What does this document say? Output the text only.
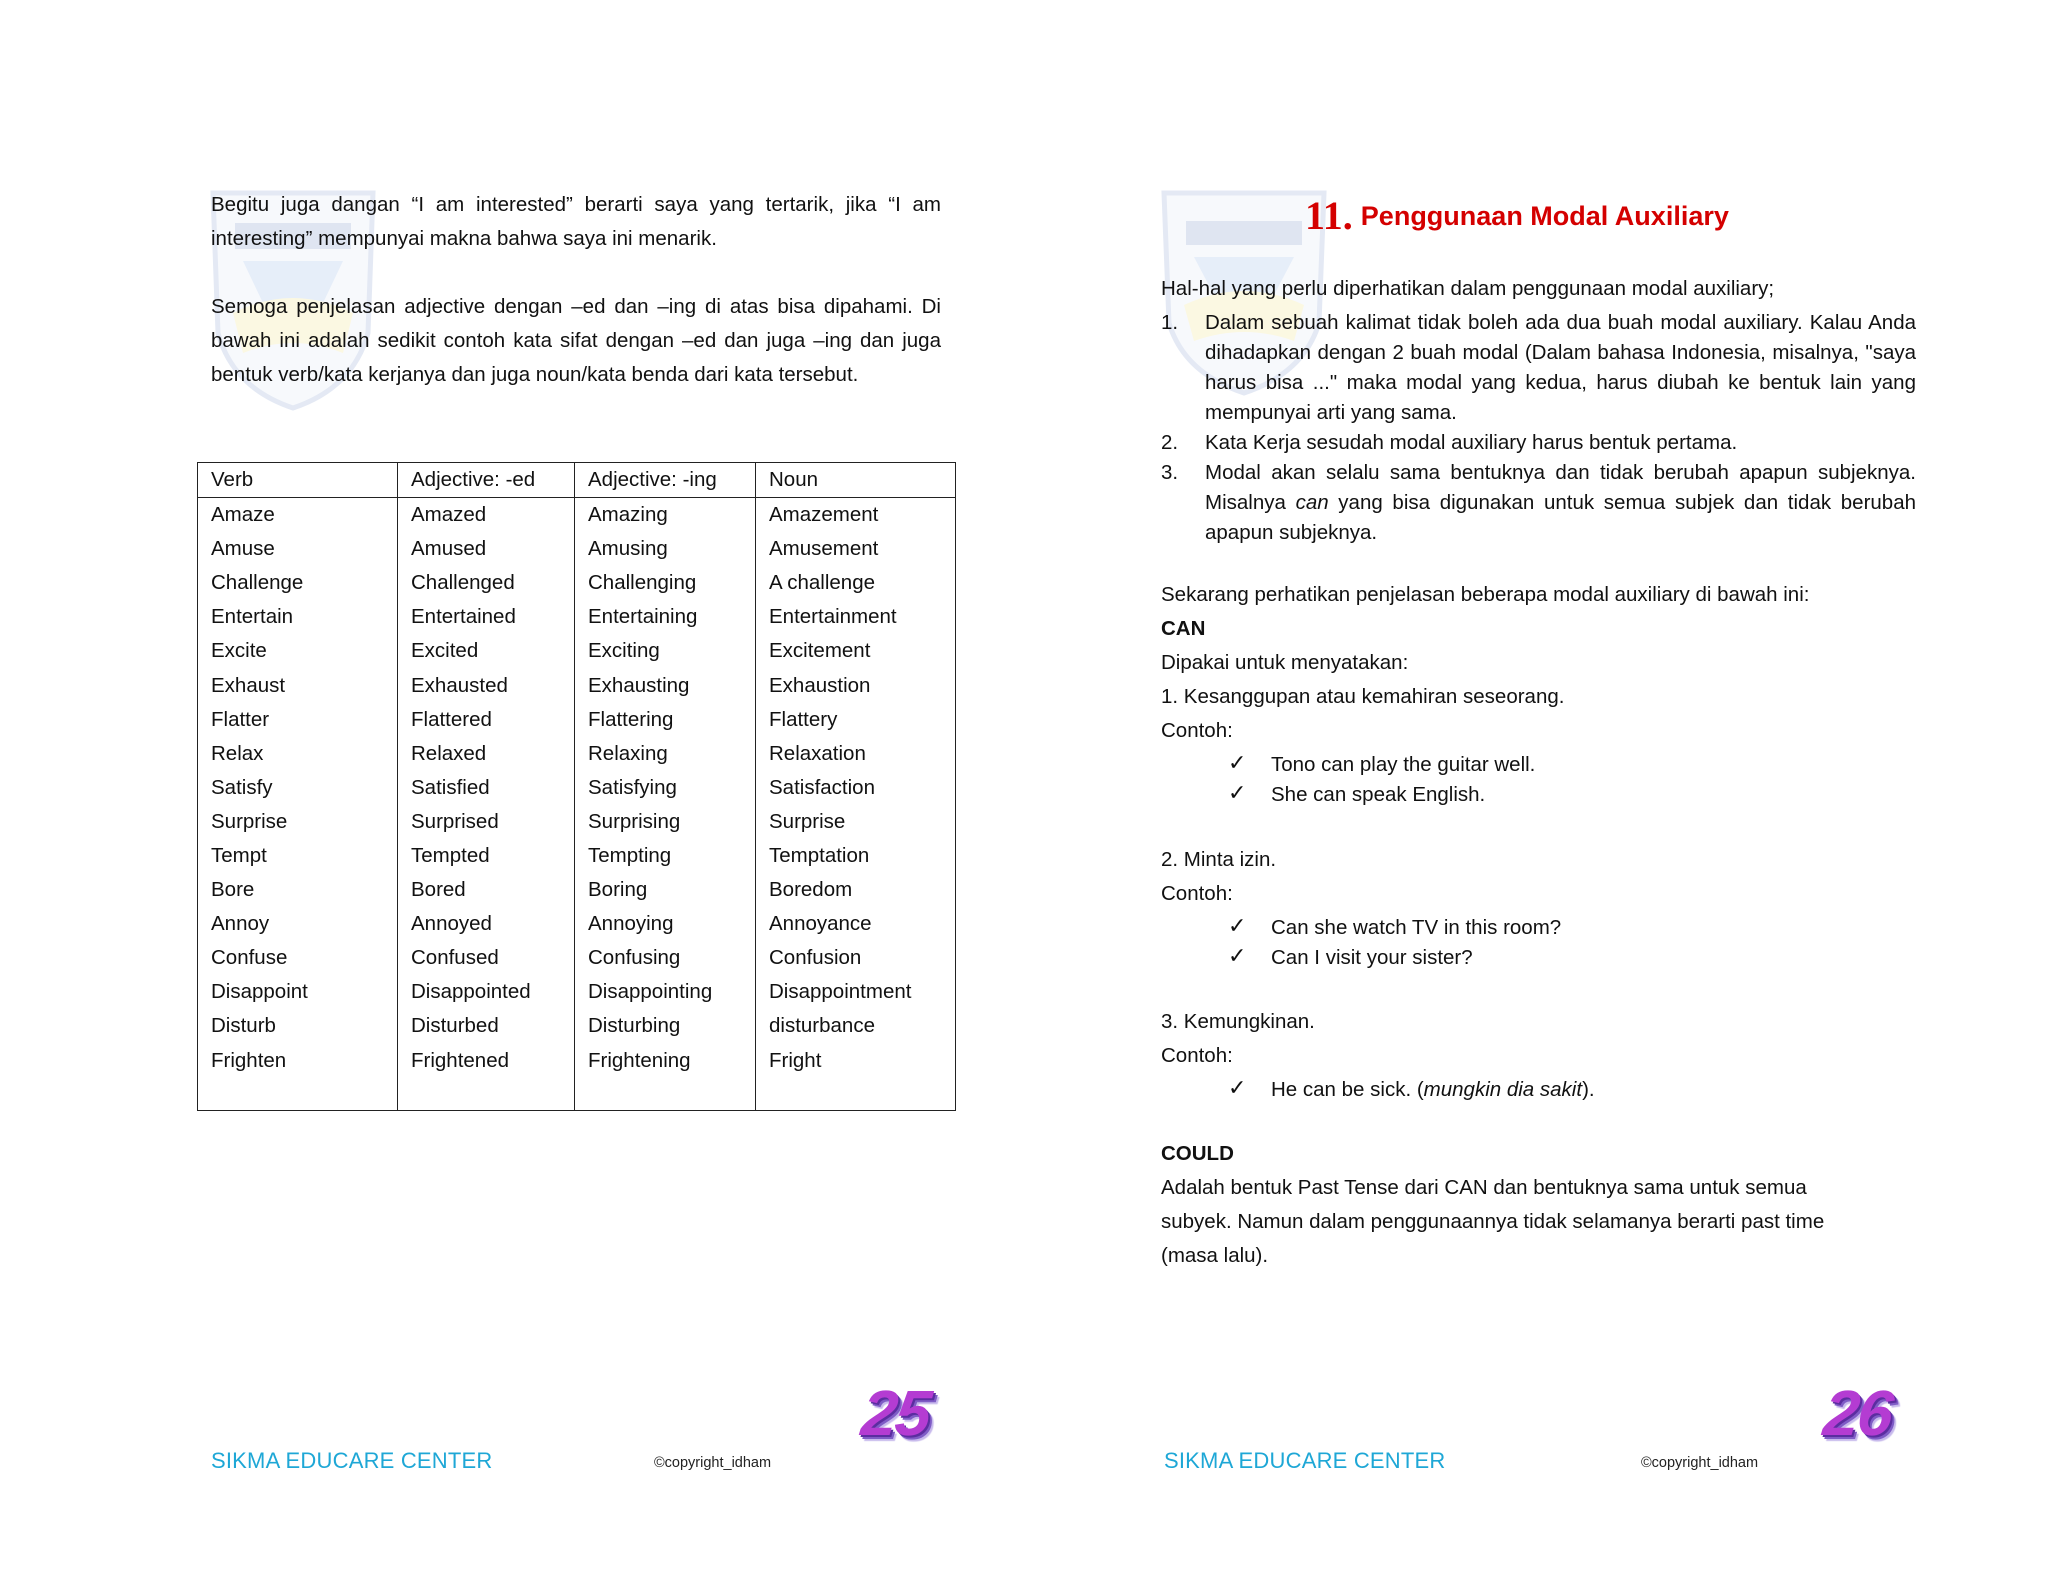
Begitu juga dangan “I am interested” berarti saya yang tertarik, jika “I am interesting” mempunyai makna bahwa saya ini menarik.

Semoga penjelasan adjective dengan –ed dan –ing di atas bisa dipahami. Di bawah ini adalah sedikit contoh kata sifat dengan –ed dan juga –ing dan juga bentuk verb/kata kerjanya dan juga noun/kata benda dari kata tersebut.

Verb	Adjective: -ed	Adjective: -ing	Noun
Amaze	Amazed	Amazing	Amazement
Amuse	Amused	Amusing	Amusement
Challenge	Challenged	Challenging	A challenge
Entertain	Entertained	Entertaining	Entertainment
Excite	Excited	Exciting	Excitement
Exhaust	Exhausted	Exhausting	Exhaustion
Flatter	Flattered	Flattering	Flattery
Relax	Relaxed	Relaxing	Relaxation
Satisfy	Satisfied	Satisfying	Satisfaction
Surprise	Surprised	Surprising	Surprise
Tempt	Tempted	Tempting	Temptation
Bore	Bored	Boring	Boredom
Annoy	Annoyed	Annoying	Annoyance
Confuse	Confused	Confusing	Confusion
Disappoint	Disappointed	Disappointing	Disappointment
Disturb	Disturbed	Disturbing	disturbance
Frighten	Frightened	Frightening	Fright

SIKMA EDUCARE CENTER	©copyright_idham
25
11. Penggunaan Modal Auxiliary
Hal-hal yang perlu diperhatikan dalam penggunaan modal auxiliary;
1. Dalam sebuah kalimat tidak boleh ada dua buah modal auxiliary. Kalau Anda dihadapkan dengan 2 buah modal (Dalam bahasa Indonesia, misalnya, "saya harus bisa ..." maka modal yang kedua, harus diubah ke bentuk lain yang mempunyai arti yang sama.
2. Kata Kerja sesudah modal auxiliary harus bentuk pertama.
3. Modal akan selalu sama bentuknya dan tidak berubah apapun subjeknya. Misalnya can yang bisa digunakan untuk semua subjek dan tidak berubah apapun subjeknya.
Sekarang perhatikan penjelasan beberapa modal auxiliary di bawah ini:
CAN
Dipakai untuk menyatakan:
1. Kesanggupan atau kemahiran seseorang.
Contoh:
✓ Tono can play the guitar well.
✓ She can speak English.
2. Minta izin.
Contoh:
✓ Can she watch TV in this room?
✓ Can I visit your sister?
3. Kemungkinan.
Contoh:
✓ He can be sick. (mungkin dia sakit).
COULD
Adalah bentuk Past Tense dari CAN dan bentuknya sama untuk semua
subyek. Namun dalam penggunaannya tidak selamanya berarti past time
(masa lalu).
SIKMA EDUCARE CENTER	©copyright_idham
26
